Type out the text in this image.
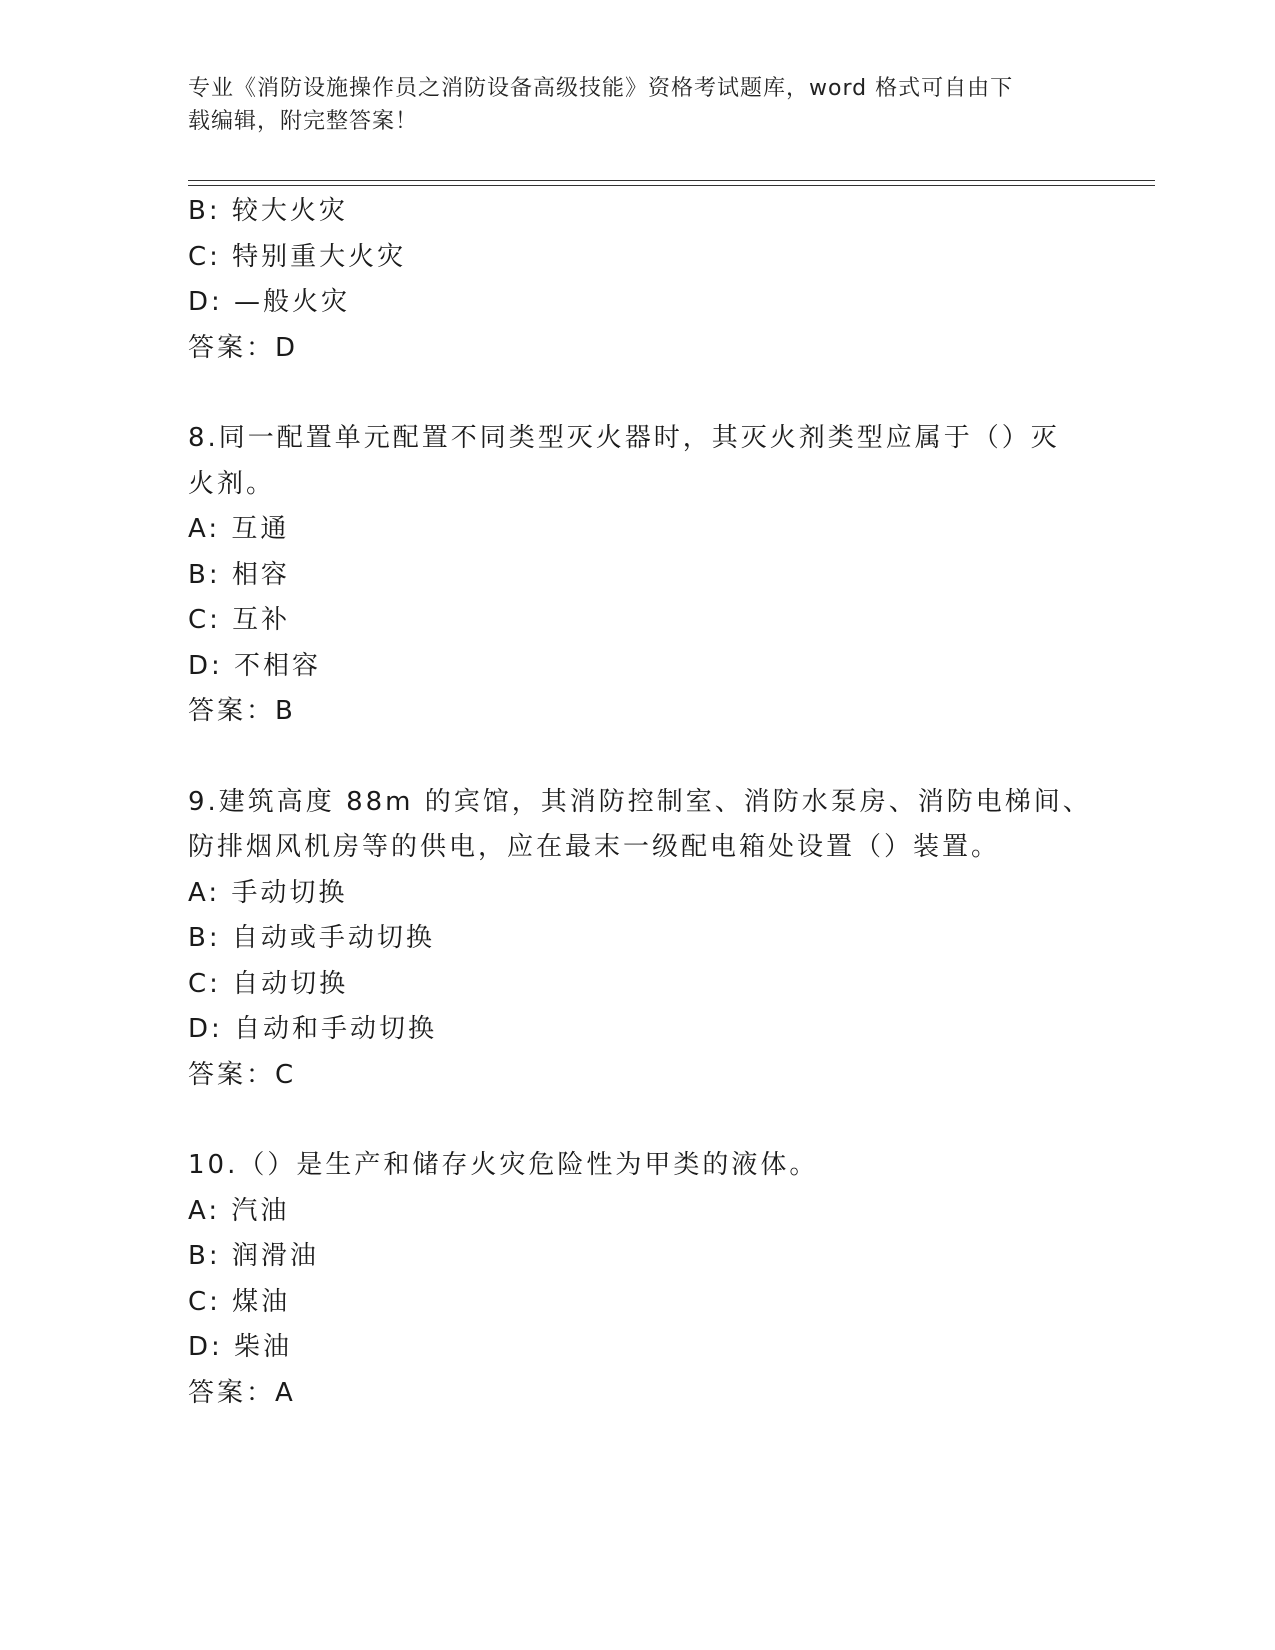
专业《消防设施操作员之消防设备高级技能》资格考试题库，word 格式可自由下
载编辑，附完整答案！
B: 较大火灾
C: 特别重大火灾
D: —般火灾
答案：D
8.同一配置单元配置不同类型灭火器时，其灭火剂类型应属于（）灭
火剂。
A: 互通
B: 相容
C: 互补
D: 不相容
答案：B
9.建筑高度 88m 的宾馆，其消防控制室、消防水泵房、消防电梯间、
防排烟风机房等的供电，应在最末一级配电箱处设置（）装置。
A: 手动切换
B: 自动或手动切换
C: 自动切换
D: 自动和手动切换
答案：C
10.（）是生产和储存火灾危险性为甲类的液体。
A: 汽油
B: 润滑油
C: 煤油
D: 柴油
答案：A
